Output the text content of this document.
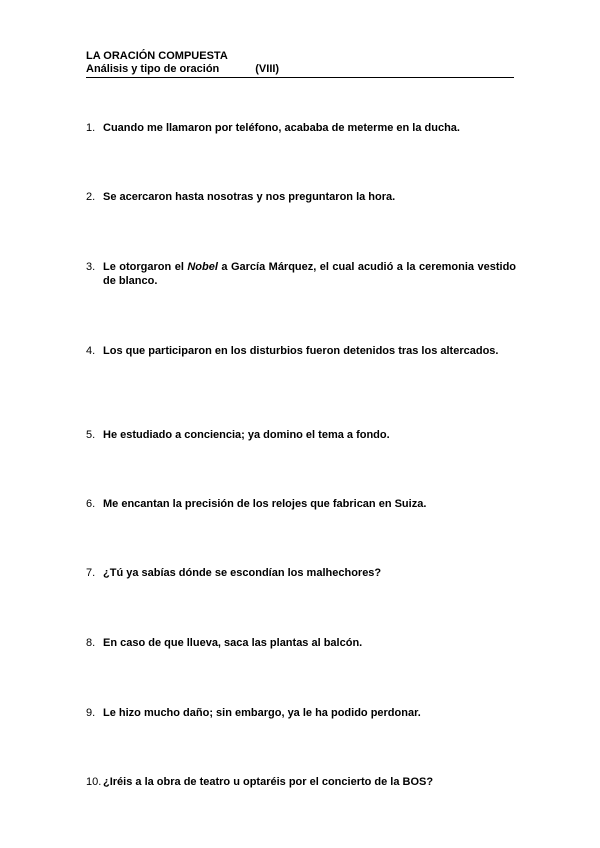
LA ORACIÓN COMPUESTA
Análisis y tipo de oración	(VIII)
1. Cuando me llamaron por teléfono, acababa de meterme en la ducha.
2. Se acercaron hasta nosotras y nos preguntaron la hora.
3. Le otorgaron el Nobel a García Márquez, el cual acudió a la ceremonia vestido de blanco.
4. Los que participaron en los disturbios fueron detenidos tras los altercados.
5. He estudiado a conciencia; ya domino el tema a fondo.
6. Me encantan la precisión de los relojes que fabrican en Suiza.
7. ¿Tú ya sabías dónde se escondían los malhechores?
8. En caso de que llueva, saca las plantas al balcón.
9. Le hizo mucho daño; sin embargo, ya le ha podido perdonar.
10. ¿Iréis a la obra de teatro u optaréis por el concierto de la BOS?
